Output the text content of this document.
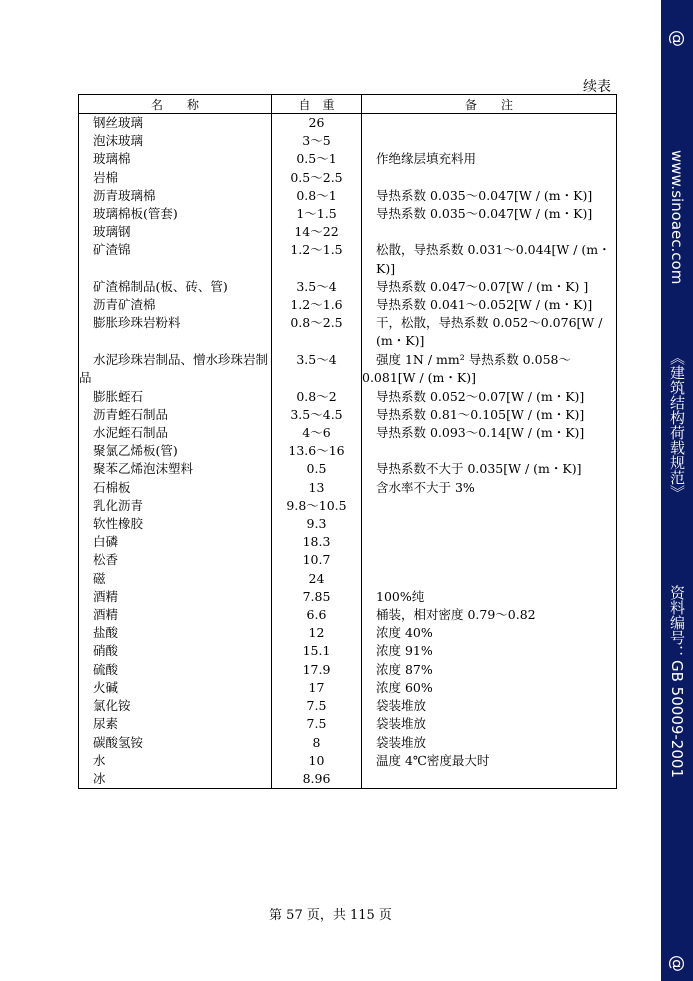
@
www.sinoaec.com
《建筑结构荷载规范》
资料编号：GB 50009-2001
@
续表
名　　称	自　重	备　　注
钢丝玻璃	26	
泡沫玻璃	3～5	
玻璃棉	0.5～1	作绝缘层填充料用
岩棉	0.5～2.5	
沥青玻璃棉	0.8～1	导热系数 0.035～0.047[W / (m・K)]
玻璃棉板(管套)	1～1.5	导热系数 0.035～0.047[W / (m・K)]
玻璃钢	14～22	
矿渣锦	1.2～1.5	松散，导热系数 0.031～0.044[W / (m・K)]
矿渣棉制品(板、砖、管)	3.5～4	导热系数 0.047～0.07[W / (m・K) ]
沥青矿渣棉	1.2～1.6	导热系数 0.041～0.052[W / (m・K)]
膨胀珍珠岩粉料	0.8～2.5	干，松散，导热系数 0.052～0.076[W / (m・K)]
水泥珍珠岩制品、憎水珍珠岩制品	3.5～4	强度 1N / mm² 导热系数 0.058～0.081[W / (m・K)]
膨胀蛭石	0.8～2	导热系数 0.052～0.07[W / (m・K)]
沥青蛭石制品	3.5～4.5	导热系数 0.81～0.105[W / (m・K)]
水泥蛭石制品	4～6	导热系数 0.093～0.14[W / (m・K)]
聚氯乙烯板(管)	13.6～16	
聚苯乙烯泡沫塑料	0.5	导热系数不大于 0.035[W / (m・K)]
石棉板	13	含水率不大于 3%
乳化沥青	9.8～10.5	
软性橡胶	9.3	
白磷	18.3	
松香	10.7	
磁	24	
酒精	7.85	100%纯
酒精	6.6	桶装，相对密度 0.79～0.82
盐酸	12	浓度 40%
硝酸	15.1	浓度 91%
硫酸	17.9	浓度 87%
火碱	17	浓度 60%
氯化铵	7.5	袋装堆放
尿素	7.5	袋装堆放
碳酸氢铵	8	袋装堆放
水	10	温度 4℃密度最大时
冰	8.96	
第 57 页，共 115 页
